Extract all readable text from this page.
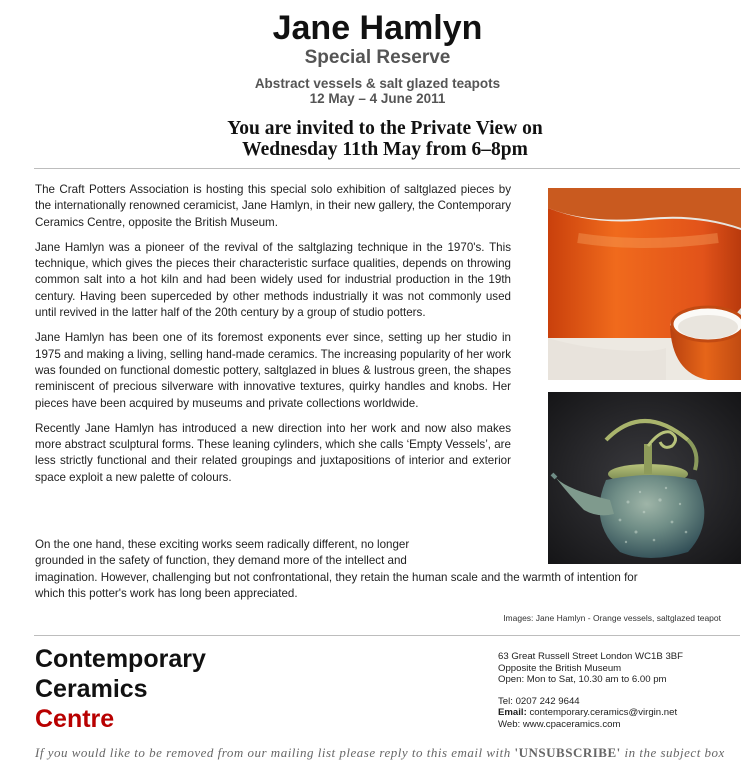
Jane Hamlyn
Special Reserve
Abstract vessels & salt glazed teapots
12 May – 4 June 2011
You are invited to the Private View on
Wednesday 11th May from 6–8pm

The Craft Potters Association is hosting this special solo exhibition of saltglazed pieces by the internationally renowned ceramicist, Jane Hamlyn, in their new gallery, the Contemporary Ceramics Centre, opposite the British Museum.

Jane Hamlyn was a pioneer of the revival of the saltglazing technique in the 1970's. This technique, which gives the pieces their characteristic surface qualities, depends on throwing common salt into a hot kiln and had been widely used for industrial production in the 19th century. Having been superceded by other methods industrially it was not commonly used until revived in the latter half of the 20th century by a group of studio potters.

Jane Hamlyn has been one of its foremost exponents ever since, setting up her studio in 1975 and making a living, selling hand-made ceramics. The increasing popularity of her work was founded on functional domestic pottery, saltglazed in blues & lustrous green, the shapes reminiscent of precious silverware with innovative textures, quirky handles and knobs. Her pieces have been acquired by museums and private collections worldwide.

Recently Jane Hamlyn has introduced a new direction into her work and now also makes more abstract sculptural forms. These leaning cylinders, which she calls ‘Empty Vessels’, are less strictly functional and their related groupings and juxtapositions of interior and exterior space exploit a new palette of colours.

On the one hand, these exciting works seem radically different, no longer
grounded in the safety of function, they demand more of the intellect and
imagination. However, challenging but not confrontational, they retain the human scale and the warmth of intention for
which this potter's work has long been appreciated.
Images: Jane Hamlyn - Orange vessels, saltglazed teapot
Contemporary
Ceramics
Centre
63 Great Russell Street London WC1B 3BF
Opposite the British Museum
Open: Mon to Sat, 10.30 am to 6.00 pm
Tel: 0207 242 9644
Email: contemporary.ceramics@virgin.net
Web: www.cpaceramics.com
If you would like to be removed from our mailing list please reply to this email with 'UNSUBSCRIBE' in the subject box
